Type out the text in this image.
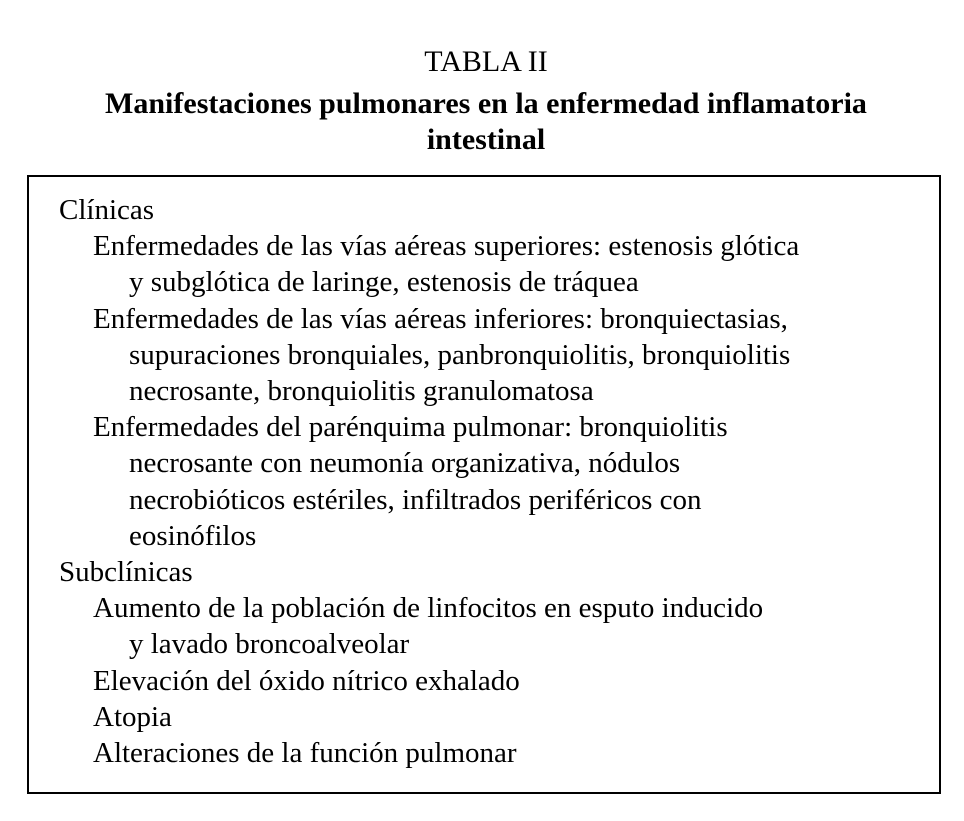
TABLA II
Manifestaciones pulmonares en la enfermedad inflamatoria
intestinal
Clínicas
Enfermedades de las vías aéreas superiores: estenosis glótica
y subglótica de laringe, estenosis de tráquea
Enfermedades de las vías aéreas inferiores: bronquiectasias,
supuraciones bronquiales, panbronquiolitis, bronquiolitis
necrosante, bronquiolitis granulomatosa
Enfermedades del parénquima pulmonar: bronquiolitis
necrosante con neumonía organizativa, nódulos
necrobióticos estériles, infiltrados periféricos con
eosinófilos
Subclínicas
Aumento de la población de linfocitos en esputo inducido
y lavado broncoalveolar
Elevación del óxido nítrico exhalado
Atopia
Alteraciones de la función pulmonar
